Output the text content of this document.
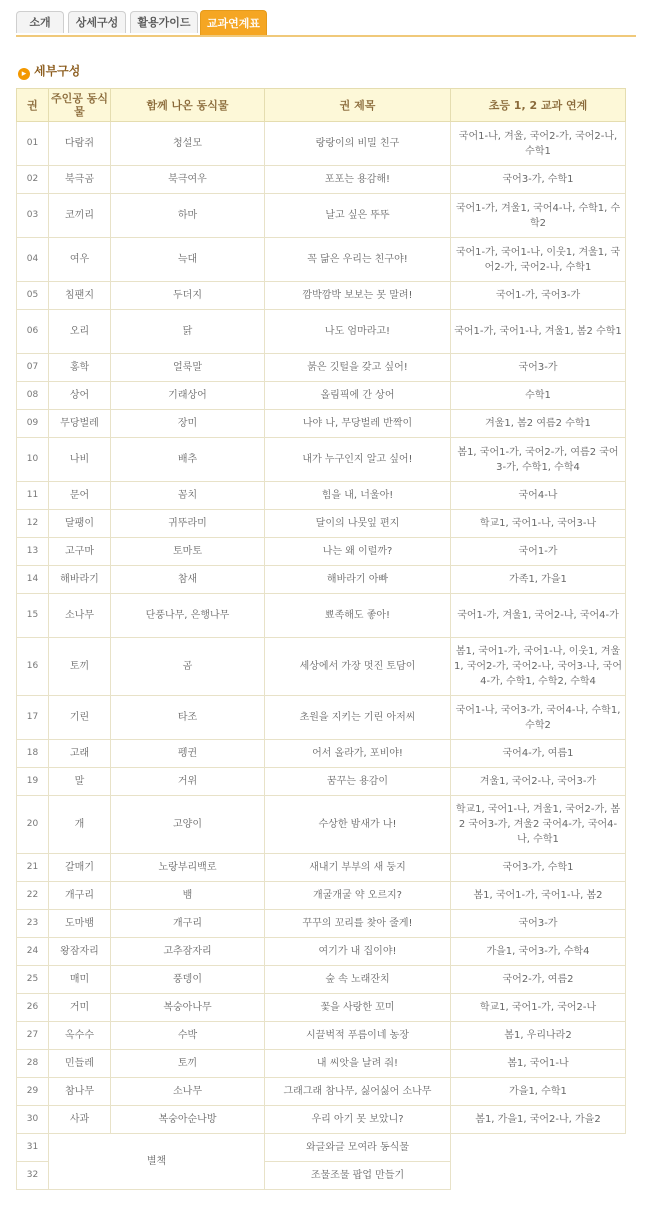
소개	상세구성	활용가이드	교과연계표
▸ 세부구성
권	주인공 동식물	함께 나온 동식물	권 제목	초등 1, 2 교과 연계
01	다람쥐	청설모	랑랑이의 비밀 친구	국어1-나, 겨울, 국어2-가, 국어2-나, 수학1
02	북극곰	북극여우	포포는 용감해!	국어3-가, 수학1
03	코끼리	하마	날고 싶은 뚜뚜	국어1-가, 겨울1, 국어4-나, 수학1, 수학2
04	여우	늑대	꼭 닮은 우리는 친구야!	국어1-가, 국어1-나, 이웃1, 겨울1, 국어2-가, 국어2-나, 수학1
05	침팬지	두더지	깜박깜박 보보는 못 말려!	국어1-가, 국어3-가
06	오리	닭	나도 엄마라고!	국어1-가, 국어1-나, 겨울1, 봄2 수학1
07	홍학	얼룩말	붉은 깃털을 갖고 싶어!	국어3-가
08	상어	기래상어	올림픽에 간 상어	수학1
09	무당벌레	장미	나야 나, 무당벌레 반짝이	겨울1, 봄2 여름2 수학1
10	나비	배추	내가 누구인지 알고 싶어!	봄1, 국어1-가, 국어2-가, 여름2 국어3-가, 수학1, 수학4
11	문어	꼼치	힘을 내, 너울아!	국어4-나
12	달팽이	귀뚜라미	달이의 나뭇잎 편지	학교1, 국어1-나, 국어3-나
13	고구마	토마토	나는 왜 이럴까?	국어1-가
14	해바라기	참새	해바라기 아빠	가족1, 가을1
15	소나무	단풍나무, 은행나무	뾰족해도 좋아!	국어1-가, 겨울1, 국어2-나, 국어4-가
16	토끼	곰	세상에서 가장 멋진 토담이	봄1, 국어1-가, 국어1-나, 이웃1, 겨울1, 국어2-가, 국어2-나, 국어3-나, 국어4-가, 수학1, 수학2, 수학4
17	기린	타조	초원을 지키는 기린 아저씨	국어1-나, 국어3-가, 국어4-나, 수학1, 수학2
18	고래	펭귄	어서 올라가, 포비야!	국어4-가, 여름1
19	말	거위	꿈꾸는 용감이	겨울1, 국어2-나, 국어3-가
20	개	고양이	수상한 밤새가 나!	학교1, 국어1-나, 겨울1, 국어2-가, 봄2 국어3-가, 겨울2 국어4-가, 국어4-나, 수학1
21	갈매기	노랑부리백로	새내기 부부의 새 둥지	국어3-가, 수학1
22	개구리	뱀	개굴개굴 약 오르지?	봄1, 국어1-가, 국어1-나, 봄2
23	도마뱀	개구리	꾸꾸의 꼬리를 찾아 줄게!	국어3-가
24	왕잠자리	고추잠자리	여기가 내 집이야!	가을1, 국어3-가, 수학4
25	매미	풍뎅이	숲 속 노래잔치	국어2-가, 여름2
26	거미	복숭아나무	꽃을 사랑한 꼬미	학교1, 국어1-가, 국어2-나
27	옥수수	수박	시끌벅적 푸름이네 농장	봄1, 우리나라2
28	민들레	토끼	내 씨앗을 날려 줘!	봄1, 국어1-나
29	참나무	소나무	그래그래 참나무, 싫어싫어 소나무	가을1, 수학1
30	사과	복숭아순나방	우리 아기 못 보았니?	봄1, 가을1, 국어2-나, 가을2
31	별책		와글와글 모여라 동식물	
32			조물조물 팝업 만들기	
